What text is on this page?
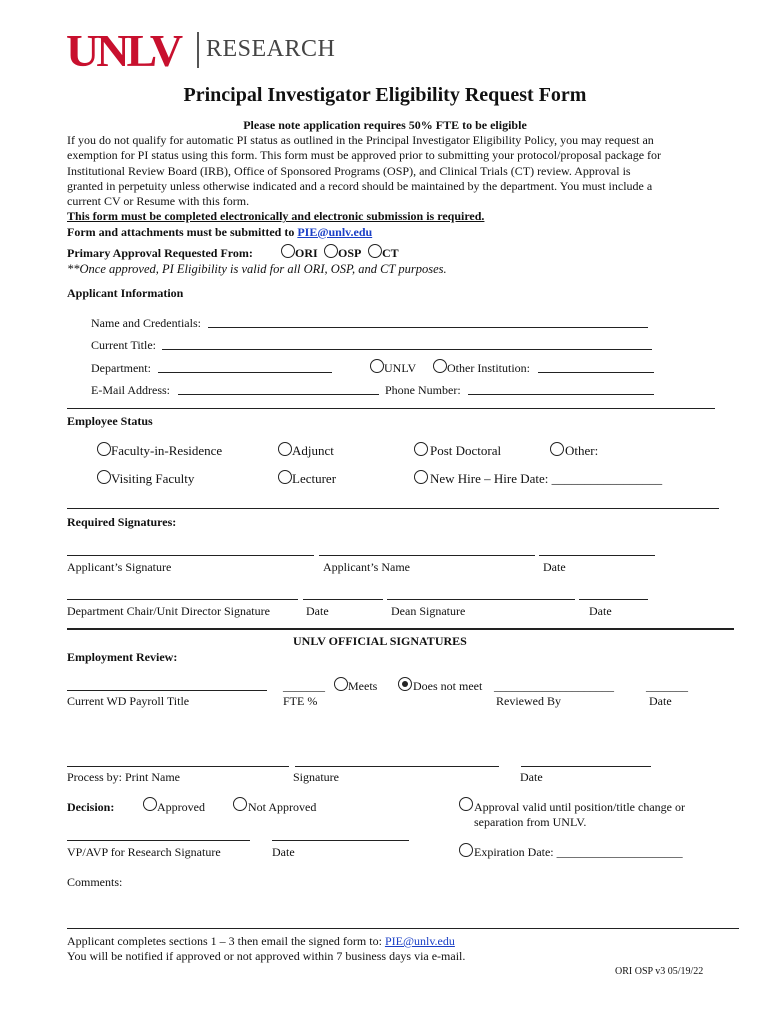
UNLV RESEARCH
Principal Investigator Eligibility Request Form
Please note application requires 50% FTE to be eligible
If you do not qualify for automatic PI status as outlined in the Principal Investigator Eligibility Policy, you may request an
exemption for PI status using this form. This form must be approved prior to submitting your protocol/proposal package for
Institutional Review Board (IRB), Office of Sponsored Programs (OSP), and Clinical Trials (CT) review. Approval is
granted in perpetuity unless otherwise indicated and a record should be maintained by the department. You must include a
current CV or Resume with this form.
This form must be completed electronically and electronic submission is required.
Form and attachments must be submitted to PIE@unlv.edu
Primary Approval Requested From:	ORI OSP CT
**Once approved, PI Eligibility is valid for all ORI, OSP, and CT purposes.
Applicant Information
Name and Credentials:
Current Title:
Department:	UNLV	Other Institution:
E-Mail Address:	Phone Number:
Employee Status
Faculty-in-Residence	Adjunct	Post Doctoral	Other:
Visiting Faculty	Lecturer	New Hire – Hire Date: _________________
Required Signatures:
Applicant’s Signature	Applicant’s Name	Date
Department Chair/Unit Director Signature	Date	Dean Signature	Date
UNLV OFFICIAL SIGNATURES
Employment Review:
_______ Meets	Does not meet ____________________	_______
Current WD Payroll Title	FTE %	Reviewed By	Date
Process by: Print Name	Signature	Date
Decision:	Approved	Not Approved	Approval valid until position/title change or
separation from UNLV.
VP/AVP for Research Signature	Date	Expiration Date: _____________________
Comments:
Applicant completes sections 1 – 3 then email the signed form to: PIE@unlv.edu
You will be notified if approved or not approved within 7 business days via e-mail.
ORI OSP v3 05/19/22
